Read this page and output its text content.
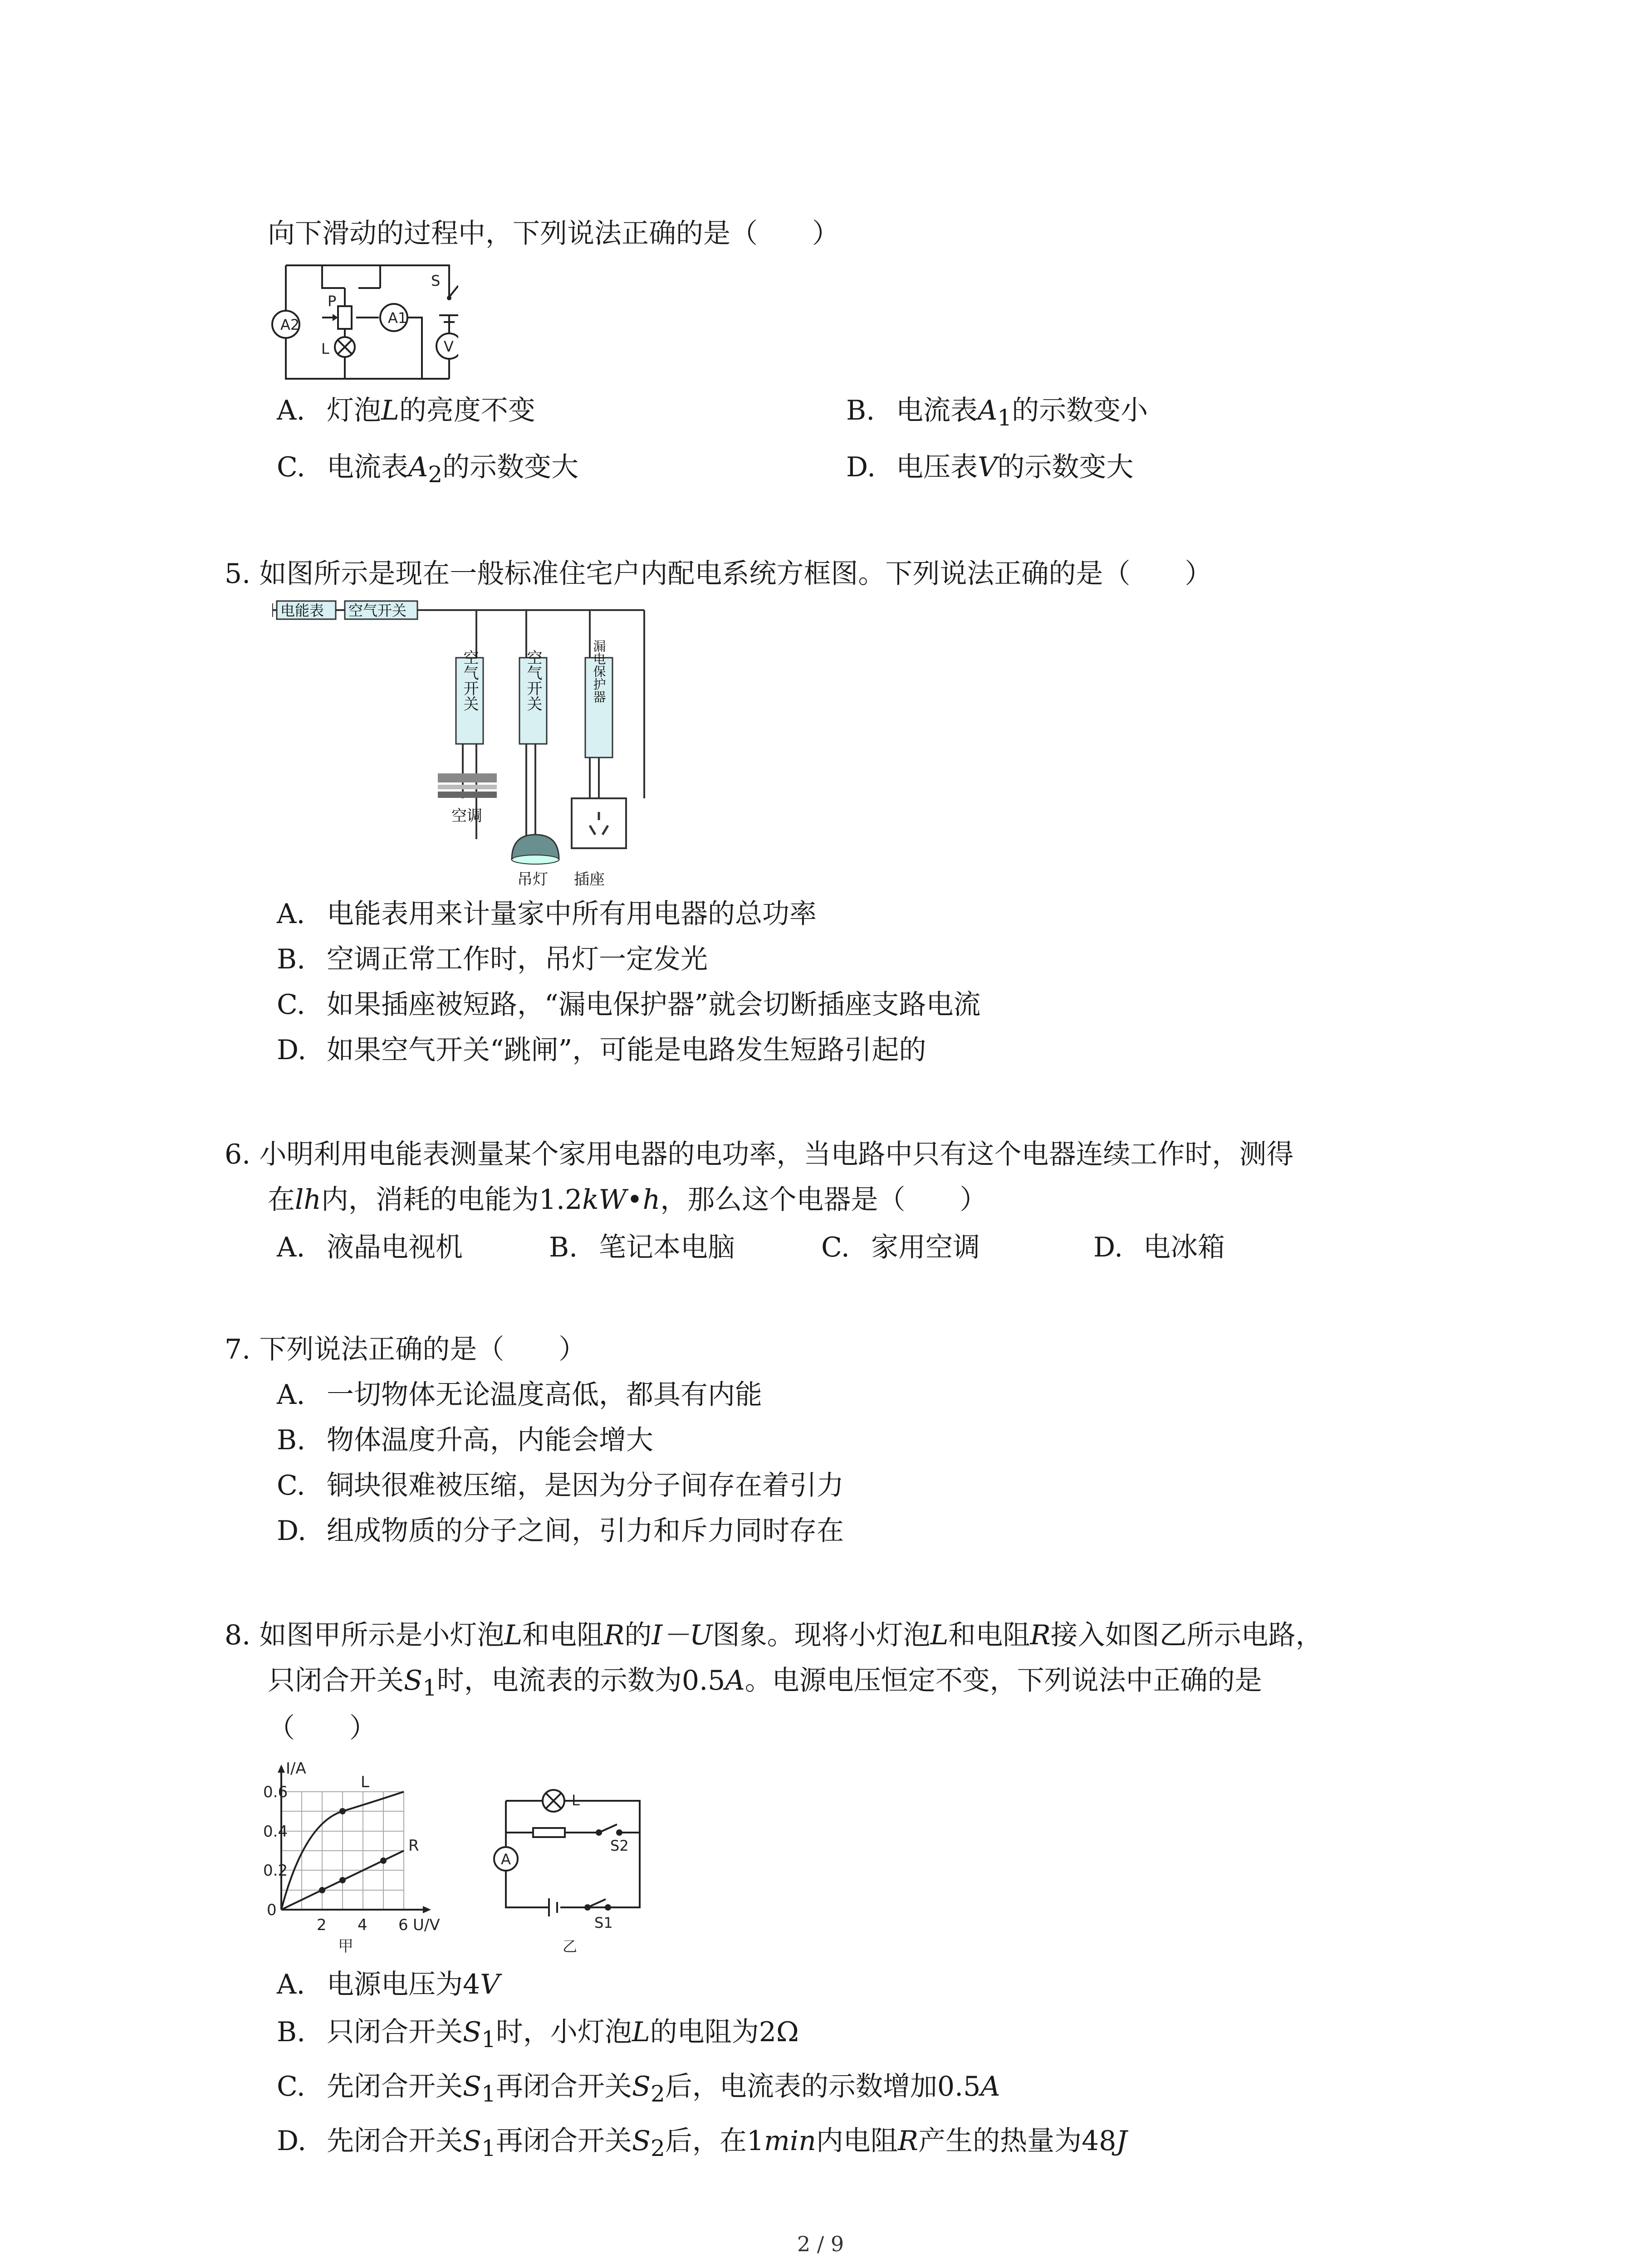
向下滑动的过程中，下列说法正确的是（　　）
A2	A1
V
P
L
S
A. 灯泡L的亮度不变	B. 电流表$A_1$的示数变小
C. 电流表$A_2$的示数变大	D. 电压表V的示数变大
5. 如图所示是现在一般标准住宅户内配电系统方框图。下列说法正确的是（　　）
电能表 空气开关
空气开关	空气开关	漏电保护器
空调
吊灯 插座
A. 电能表用来计量家中所有用电器的总功率
B. 空调正常工作时，吊灯一定发光
C. 如果插座被短路，“漏电保护器”就会切断插座支路电流
D. 如果空气开关“跳闸”，可能是电路发生短路引起的
6. 小明利用电能表测量某个家用电器的电功率，当电路中只有这个电器连续工作时，测得
在lh内，消耗的电能为1.2kW•h，那么这个电器是（　　）
A. 液晶电视机	B. 笔记本电脑	C. 家用空调	D. 电冰箱
7. 下列说法正确的是（　　）
A. 一切物体无论温度高低，都具有内能
B. 物体温度升高，内能会增大
C. 铜块很难被压缩，是因为分子间存在着引力
D. 组成物质的分子之间，引力和斥力同时存在
8. 如图甲所示是小灯泡L和电阻R的I－U图象。现将小灯泡L和电阻R接入如图乙所示电路，
只闭合开关$S_1$时，电流表的示数为0.5A。电源电压恒定不变，下列说法中正确的是
（　　）
I/A
U/V
L
R
0.6
0.4
0.2
0
2 4 6
甲
L
A
S2
S1
乙
A. 电源电压为4V
B. 只闭合开关$S_1$时，小灯泡L的电阻为2Ω
C. 先闭合开关$S_1$再闭合开关$S_2$后，电流表的示数增加0.5A
D. 先闭合开关$S_1$再闭合开关$S_2$后，在1min内电阻R产生的热量为48J
2 / 9
